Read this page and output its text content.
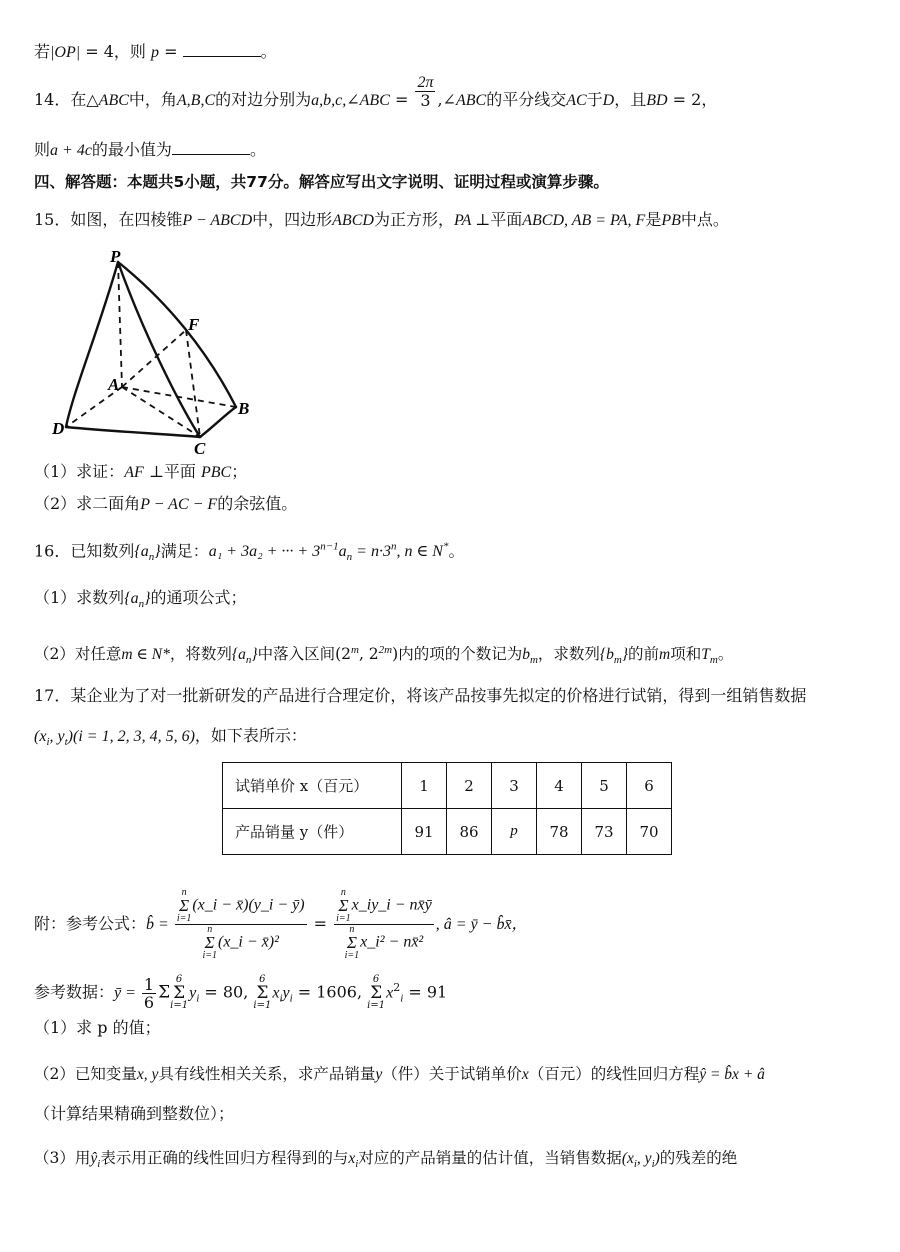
若|OP| = 4，则 p =	。
14．在△ABC中，角A,B,C的对边分别为a,b,c,∠ABC = $\frac{2\pi}{3}$ ,∠ABC的平分线交AC于D，且BD = 2，
则a + 4c的最小值为	。
四、解答题：本题共5小题，共77分。解答应写出文字说明、证明过程或演算步骤。
15．如图，在四棱锥P − ABCD中，四边形ABCD为正方形，PA ⊥平面ABCD, AB = PA, F是PB中点。
P
F
A
B
C
D
（1）求证：AF ⊥平面 PBC；
（2）求二面角P − AC − F的余弦值。
16．已知数列$\{a_n\}$满足：a₁ + 3a₂ + ··· + $3^{n-1}a_n = n\cdot 3^n$, n ∈ N*。
（1）求数列$\{a_n\}$的通项公式；
（2）对任意m ∈ N*，将数列$\{a_n\}$中落入区间(2$^m$, $2^{2m}$)内的项的个数记为$b_m$，求数列$\{b_m\}$的前m项和$T_m$。
17．某企业为了对一批新研发的产品进行合理定价，将该产品按事先拟定的价格进行试销，得到一组销售数据
($x_i$, $y_t)(i = 1$, 2, 3, 4, 5, 6)，如下表所示：
试销单价 x（百元）	1	2	3	4	5	6
产品销量 y（件）	91	86	p	78	73	70
附：参考公式：b̂ = n
Σ
i=1
(x_i − x̄)(y_i − ȳ)
n
Σ
i=1
(x_i − x̄)² = n
Σ
i=1
x_iy_i − nx̄ȳ
n
Σ
i=1
x_i² − nx̄² , â = ȳ − b̂x̄，
参考数据：ȳ = $\frac{1}{6}$ Σ
6
Σ
i=1
$y_i = 80$,
6
Σ
i=1
$x_iy_i = 1606$,
6
Σ
i=1
$x^2_i = 91$
（1）求 p 的值；
（2）已知变量x, y具有线性相关关系，求产品销量y（件）关于试销单价x（百元）的线性回归方程ŷ = b̂x + â
（计算结果精确到整数位）；
（3）用$ŷ_i$表示用正确的线性回归方程得到的与$x_i$对应的产品销量的估计值，当销售数据($x_i$, $y_i$)的残差的绝
